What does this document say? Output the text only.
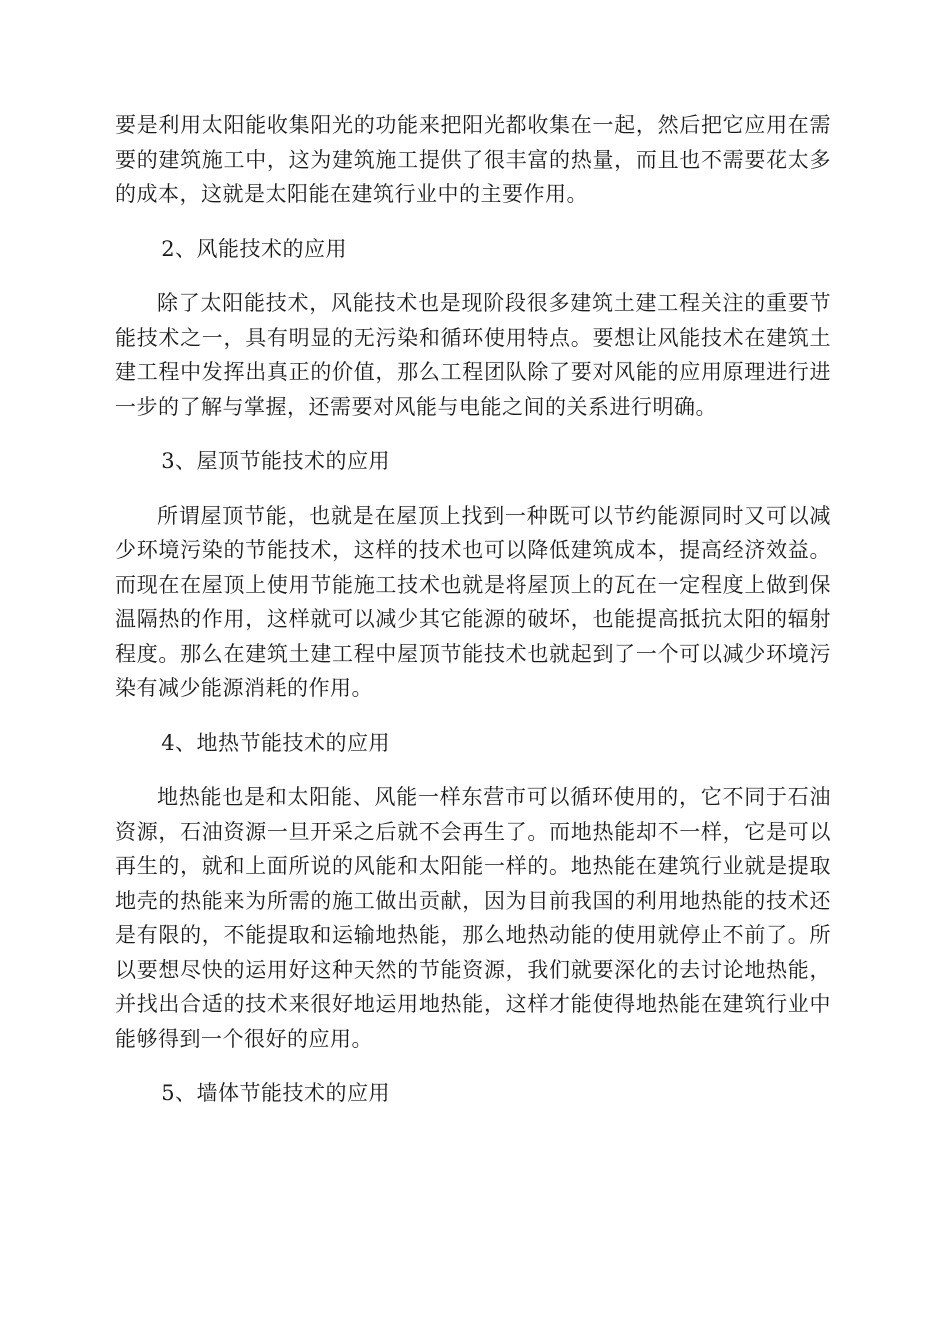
要是利用太阳能收集阳光的功能来把阳光都收集在一起，然后把它应用在需要的建筑施工中，这为建筑施工提供了很丰富的热量，而且也不需要花太多的成本，这就是太阳能在建筑行业中的主要作用。

2、风能技术的应用

除了太阳能技术，风能技术也是现阶段很多建筑土建工程关注的重要节能技术之一，具有明显的无污染和循环使用特点。要想让风能技术在建筑土建工程中发挥出真正的价值，那么工程团队除了要对风能的应用原理进行进一步的了解与掌握，还需要对风能与电能之间的关系进行明确。

3、屋顶节能技术的应用

所谓屋顶节能，也就是在屋顶上找到一种既可以节约能源同时又可以减少环境污染的节能技术，这样的技术也可以降低建筑成本，提高经济效益。而现在在屋顶上使用节能施工技术也就是将屋顶上的瓦在一定程度上做到保温隔热的作用，这样就可以减少其它能源的破坏，也能提高抵抗太阳的辐射程度。那么在建筑土建工程中屋顶节能技术也就起到了一个可以减少环境污染有减少能源消耗的作用。

4、地热节能技术的应用

地热能也是和太阳能、风能一样东营市可以循环使用的，它不同于石油资源，石油资源一旦开采之后就不会再生了。而地热能却不一样，它是可以再生的，就和上面所说的风能和太阳能一样的。地热能在建筑行业就是提取地壳的热能来为所需的施工做出贡献，因为目前我国的利用地热能的技术还是有限的，不能提取和运输地热能，那么地热动能的使用就停止不前了。所以要想尽快的运用好这种天然的节能资源，我们就要深化的去讨论地热能，并找出合适的技术来很好地运用地热能，这样才能使得地热能在建筑行业中能够得到一个很好的应用。

5、墙体节能技术的应用
